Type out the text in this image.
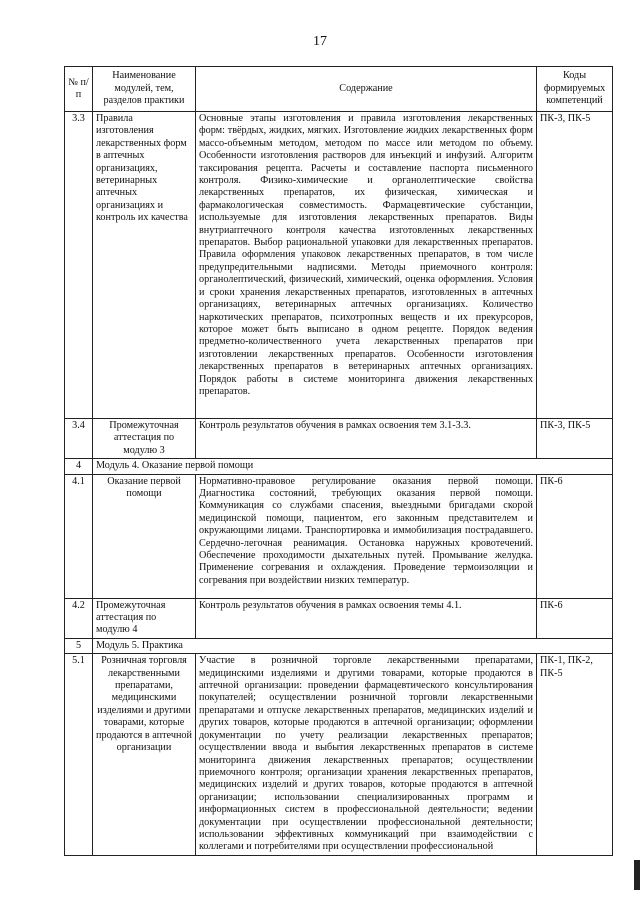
17
№ п/п	Наименование модулей, тем, разделов практики	Содержание	Коды формируемых компетенций
3.3	Правила изготовления лекарственных форм в аптечных организациях, ветеринарных аптечных организациях и контроль их качества	Основные этапы изготовления и правила изготовления лекарственных форм: твёрдых, жидких, мягких. Изготовление жидких лекарственных форм массо-объемным методом, методом по массе или методом по объему. Особенности изготовления растворов для инъекций и инфузий. Алгоритм таксирования рецепта. Расчеты и составление паспорта письменного контроля. Физико-химические и органолептические свойства лекарственных препаратов, их физическая, химическая и фармакологическая совместимость. Фармацевтические субстанции, используемые для изготовления лекарственных препаратов. Виды внутриаптечного контроля качества изготовленных лекарственных препаратов. Выбор рациональной упаковки для лекарственных препаратов. Правила оформления упаковок лекарственных препаратов, в том числе предупредительными надписями. Методы приемочного контроля: органолептический, физический, химический, оценка оформления. Условия и сроки хранения лекарственных препаратов, изготовленных в аптечных организациях, ветеринарных аптечных организациях. Количество наркотических препаратов, психотропных веществ и их прекурсоров, которое может быть выписано в одном рецепте. Порядок ведения предметно-количественного учета лекарственных препаратов при изготовлении лекарственных препаратов. Особенности изготовления лекарственных препаратов в ветеринарных аптечных организациях. Порядок работы в системе мониторинга движения лекарственных препаратов.	ПК-3, ПК-5
3.4	Промежуточная аттестация по модулю 3	Контроль результатов обучения в рамках освоения тем 3.1-3.3.	ПК-3, ПК-5
4	Модуль 4. Оказание первой помощи		
4.1	Оказание первой помощи	Нормативно-правовое регулирование оказания первой помощи. Диагностика состояний, требующих оказания первой помощи. Коммуникация со службами спасения, выездными бригадами скорой медицинской помощи, пациентом, его законным представителем и окружающими лицами. Транспортировка и иммобилизация пострадавшего. Сердечно-легочная реанимация. Остановка наружных кровотечений. Обеспечение проходимости дыхательных путей. Промывание желудка. Применение согревания и охлаждения. Проведение термоизоляции и согревания при воздействии низких температур.	ПК-6
4.2	Промежуточная аттестация по модулю 4	Контроль результатов обучения в рамках освоения темы 4.1.	ПК-6
5	Модуль 5. Практика		
5.1	Розничная торговля лекарственными препаратами, медицинскими изделиями и другими товарами, которые продаются в аптечной организации	Участие в розничной торговле лекарственными препаратами, медицинскими изделиями и другими товарами, которые продаются в аптечной организации: проведении фармацевтического консультирования покупателей; осуществлении розничной торговли лекарственными препаратами и отпуске лекарственных препаратов, медицинских изделий и других товаров, которые продаются в аптечной организации; оформлении документации по учету реализации лекарственных препаратов; осуществлении ввода и выбытия лекарственных препаратов в системе мониторинга движения лекарственных препаратов; осуществлении приемочного контроля; организации хранения лекарственных препаратов, медицинских изделий и других товаров, которые продаются в аптечной организации; использовании специализированных программ и информационных систем в профессиональной деятельности; ведении документации при осуществлении профессиональной деятельности; использовании эффективных коммуникаций при взаимодействии с коллегами и потребителями при осуществлении профессиональной	ПК-1, ПК-2, ПК-5
